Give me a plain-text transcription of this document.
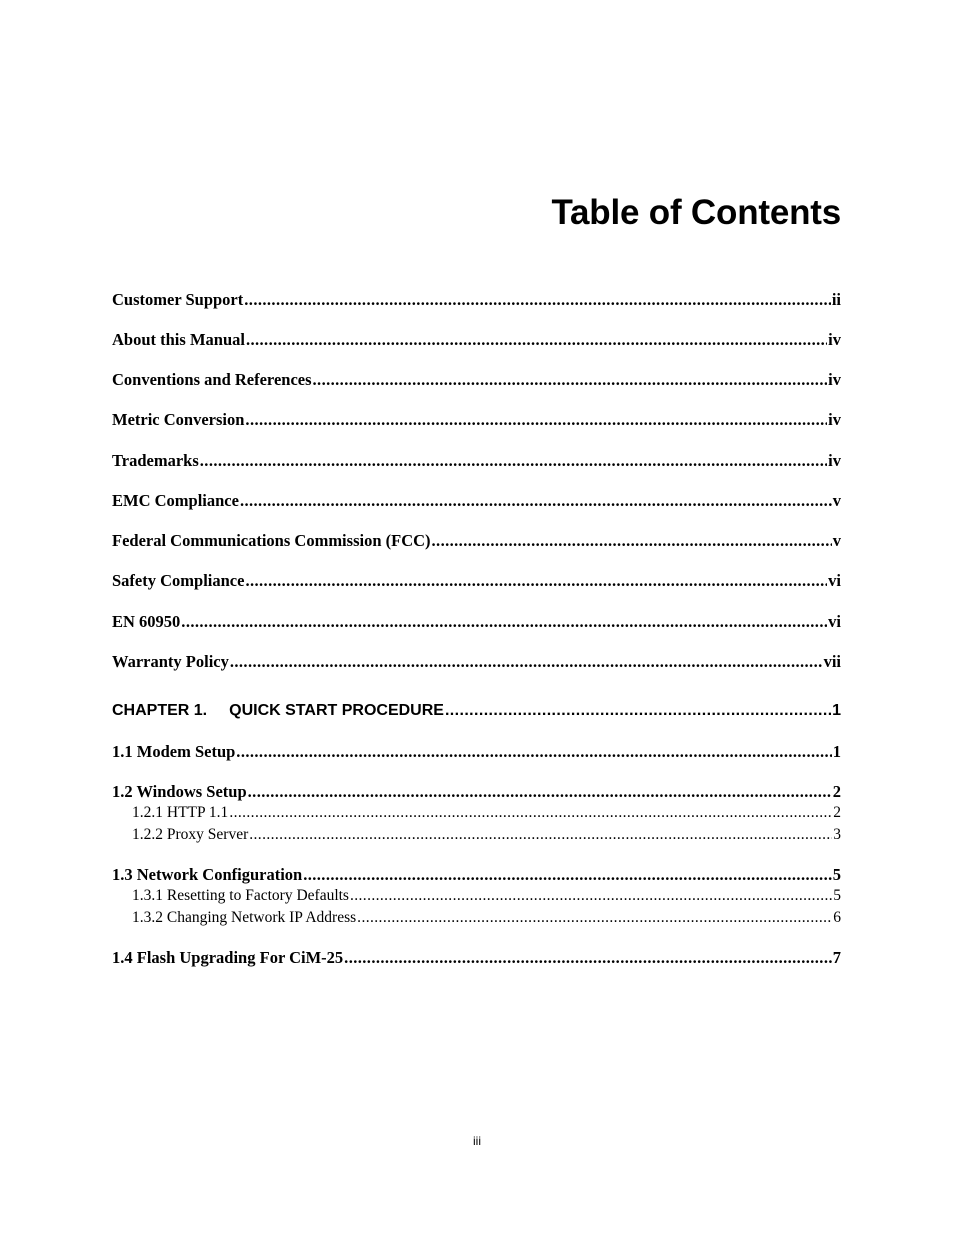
Table of Contents
Customer Support .....	ii
About this Manual .....	iv
Conventions and References .....	iv
Metric Conversion .....	iv
Trademarks .....	iv
EMC Compliance .....	v
Federal Communications Commission (FCC) .....	v
Safety Compliance .....	vi
EN 60950 .....	vi
Warranty Policy .....	vii
CHAPTER 1. QUICK START PROCEDURE .....	1
1.1 Modem Setup .....	1
1.2 Windows Setup .....	2
1.2.1 HTTP 1.1 .....	2
1.2.2 Proxy Server .....	3
1.3 Network Configuration .....	5
1.3.1 Resetting to Factory Defaults .....	5
1.3.2 Changing Network IP Address .....	6
1.4 Flash Upgrading For CiM-25 .....	7
iii
